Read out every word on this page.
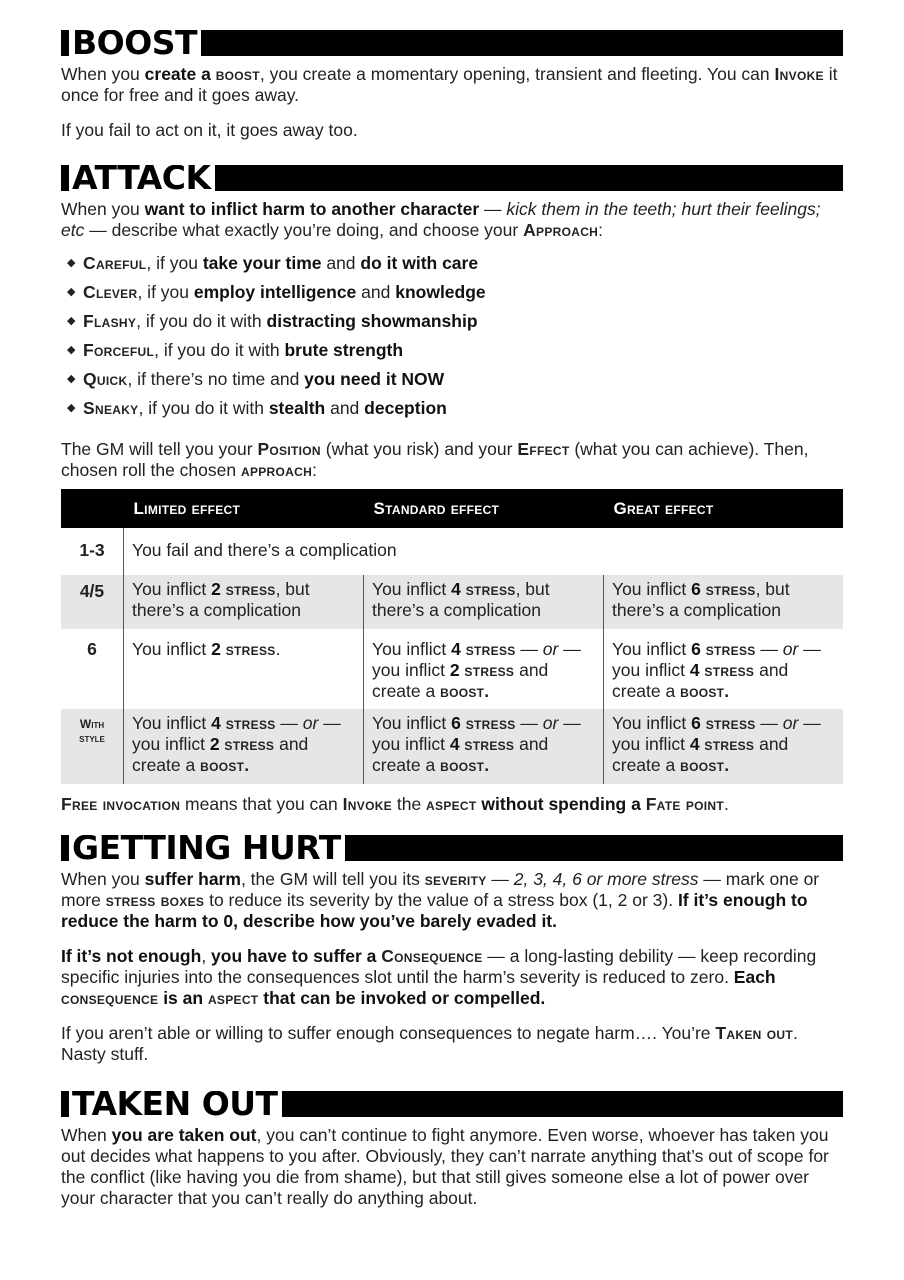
BOOST

When you create a boost, you create a momentary opening, transient and fleeting. You can Invoke it once for free and it goes away.

If you fail to act on it, it goes away too.

ATTACK

When you want to inflict harm to another character — kick them in the teeth; hurt their feelings; etc — describe what exactly you’re doing, and choose your Approach:

◆ Careful, if you take your time and do it with care
◆ Clever, if you employ intelligence and knowledge
◆ Flashy, if you do it with distracting showmanship
◆ Forceful, if you do it with brute strength
◆ Quick, if there’s no time and you need it NOW
◆ Sneaky, if you do it with stealth and deception

The GM will tell you your Position (what you risk) and your Effect (what you can achieve). Then, chosen roll the chosen approach:

	Limited effect	Standard effect	Great effect
1-3	You fail and there’s a complication		
4/5	You inflict 2 stress, but there’s a complication	You inflict 4 stress, but there’s a complication	You inflict 6 stress, but there’s a complication
6	You inflict 2 stress.	You inflict 4 stress — or — you inflict 2 stress and create a boost.	You inflict 6 stress — or — you inflict 4 stress and create a boost.
With style	You inflict 4 stress — or — you inflict 2 stress and create a boost.	You inflict 6 stress — or — you inflict 4 stress and create a boost.	You inflict 6 stress — or — you inflict 4 stress and create a boost.

Free invocation means that you can Invoke the aspect without spending a Fate point.

GETTING HURT

When you suffer harm, the GM will tell you its severity — 2, 3, 4, 6 or more stress — mark one or more stress boxes to reduce its severity by the value of a stress box (1, 2 or 3). If it’s enough to reduce the harm to 0, describe how you’ve barely evaded it.

If it’s not enough, you have to suffer a Consequence — a long-lasting debility — keep recording specific injuries into the consequences slot until the harm’s severity is reduced to zero. Each consequence is an aspect that can be invoked or compelled.

If you aren’t able or willing to suffer enough consequences to negate harm…. You’re Taken out. Nasty stuff.

TAKEN OUT

When you are taken out, you can’t continue to fight anymore. Even worse, whoever has taken you out decides what happens to you after. Obviously, they can’t narrate anything that’s out of scope for the conflict (like having you die from shame), but that still gives someone else a lot of power over your character that you can’t really do anything about.
